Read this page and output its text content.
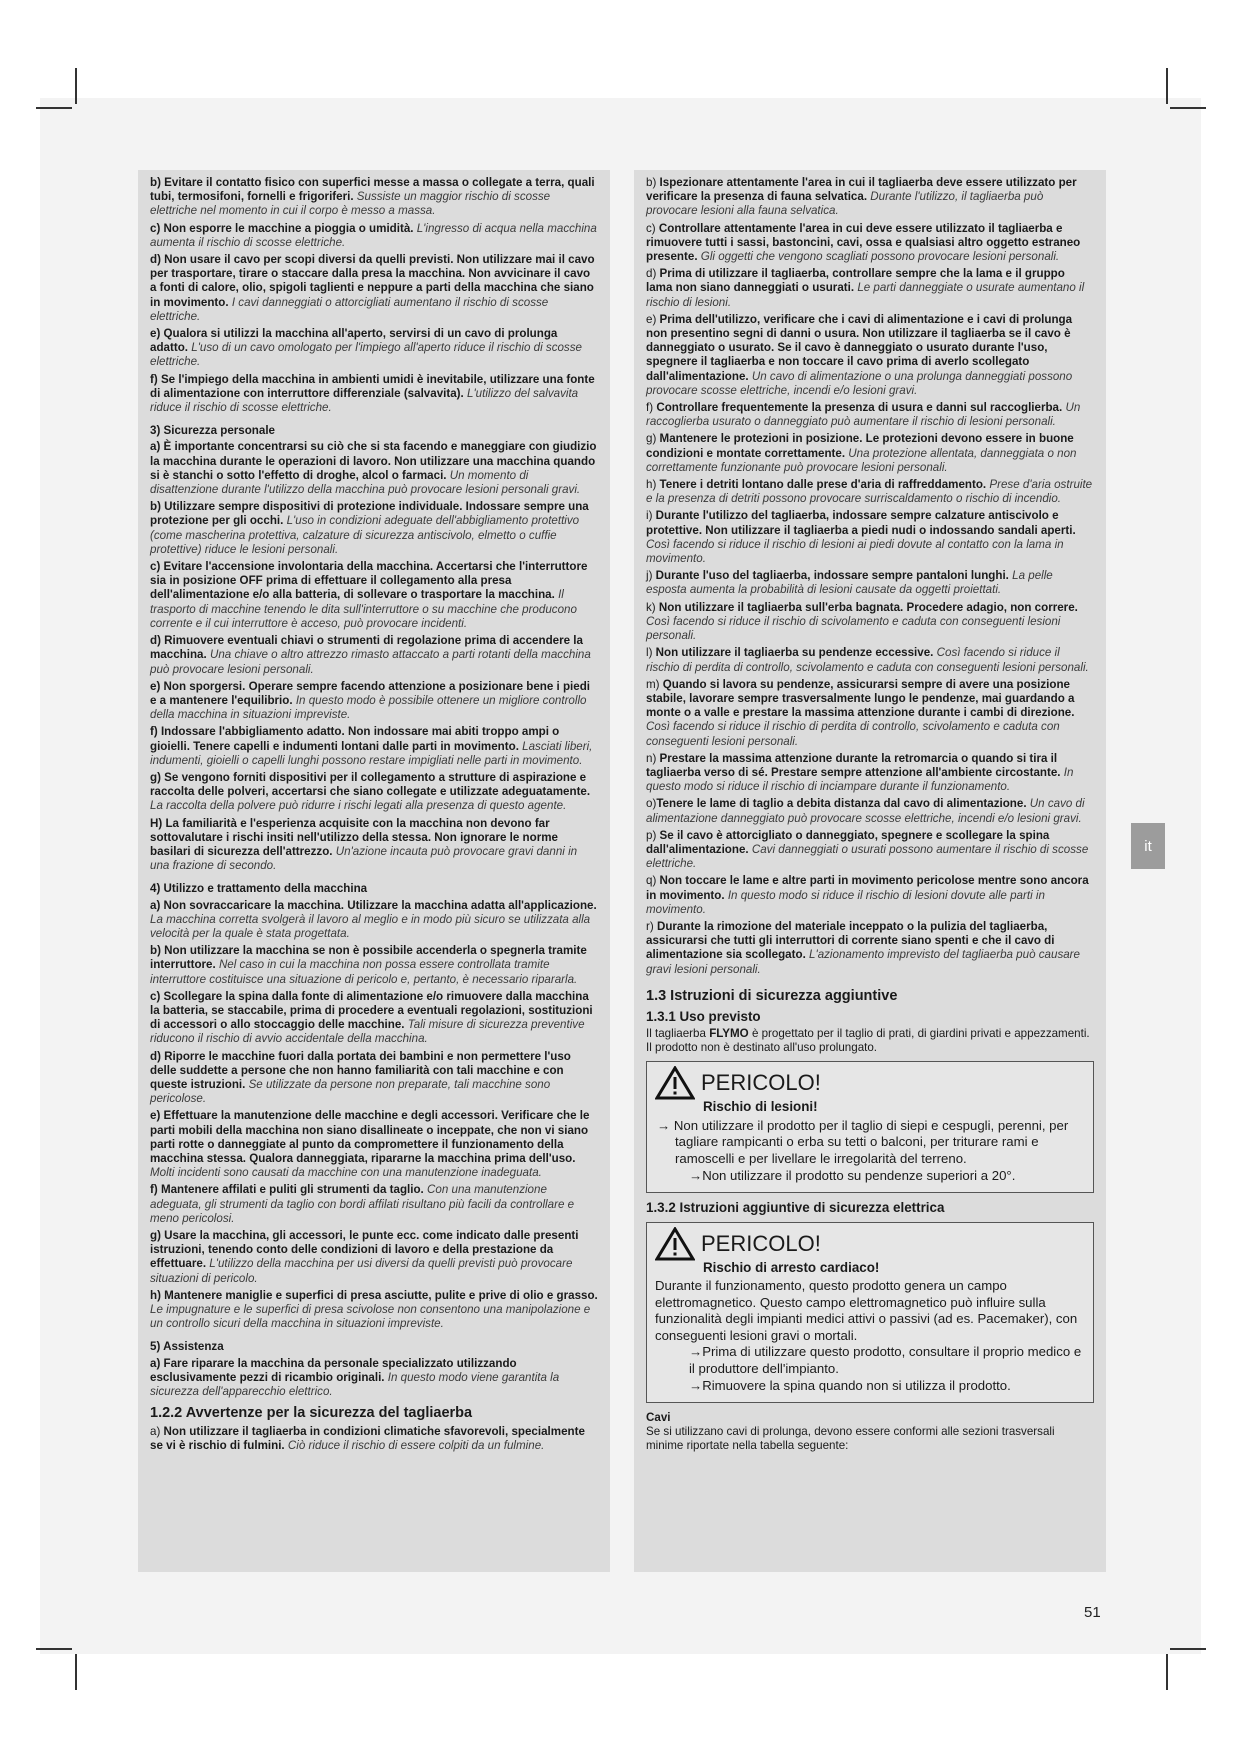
b) Evitare il contatto fisico con superfici messe a massa o collegate a terra, quali tubi, termosifoni, fornelli e frigoriferi. Sussiste un maggior rischio di scosse elettriche nel momento in cui il corpo è messo a massa.
c) Non esporre le macchine a pioggia o umidità. L'ingresso di acqua nella macchina aumenta il rischio di scosse elettriche.
d) Non usare il cavo per scopi diversi da quelli previsti. Non utilizzare mai il cavo per trasportare, tirare o staccare dalla presa la macchina. Non avvicinare il cavo a fonti di calore, olio, spigoli taglienti e neppure a parti della macchina che siano in movimento. I cavi danneggiati o attorcigliati aumentano il rischio di scosse elettriche.
e) Qualora si utilizzi la macchina all'aperto, servirsi di un cavo di prolunga adatto. L'uso di un cavo omologato per l'impiego all'aperto riduce il rischio di scosse elettriche.
f) Se l'impiego della macchina in ambienti umidi è inevitabile, utilizzare una fonte di alimentazione con interruttore differenziale (salvavita). L'utilizzo del salvavita riduce il rischio di scosse elettriche.
3) Sicurezza personale
a) È importante concentrarsi su ciò che si sta facendo e maneggiare con giudizio la macchina durante le operazioni di lavoro. Non utilizzare una macchina quando si è stanchi o sotto l'effetto di droghe, alcol o farmaci. Un momento di disattenzione durante l'utilizzo della macchina può provocare lesioni personali gravi.
b) Utilizzare sempre dispositivi di protezione individuale. Indossare sempre una protezione per gli occhi. L'uso in condizioni adeguate dell'abbigliamento protettivo (come mascherina protettiva, calzature di sicurezza antiscivolo, elmetto o cuffie protettive) riduce le lesioni personali.
c) Evitare l'accensione involontaria della macchina. Accertarsi che l'interruttore sia in posizione OFF prima di effettuare il collegamento alla presa dell'alimentazione e/o alla batteria, di sollevare o trasportare la macchina. Il trasporto di macchine tenendo le dita sull'interruttore o su macchine che producono corrente e il cui interruttore è acceso, può provocare incidenti.
d) Rimuovere eventuali chiavi o strumenti di regolazione prima di accendere la macchina. Una chiave o altro attrezzo rimasto attaccato a parti rotanti della macchina può provocare lesioni personali.
e) Non sporgersi. Operare sempre facendo attenzione a posizionare bene i piedi e a mantenere l'equilibrio. In questo modo è possibile ottenere un migliore controllo della macchina in situazioni impreviste.
f) Indossare l'abbigliamento adatto. Non indossare mai abiti troppo ampi o gioielli. Tenere capelli e indumenti lontani dalle parti in movimento. Lasciati liberi, indumenti, gioielli o capelli lunghi possono restare impigliati nelle parti in movimento.
g) Se vengono forniti dispositivi per il collegamento a strutture di aspirazione e raccolta delle polveri, accertarsi che siano collegate e utilizzate adeguatamente. La raccolta della polvere può ridurre i rischi legati alla presenza di questo agente.
H) La familiarità e l'esperienza acquisite con la macchina non devono far sottovalutare i rischi insiti nell'utilizzo della stessa. Non ignorare le norme basilari di sicurezza dell'attrezzo. Un'azione incauta può provocare gravi danni in una frazione di secondo.
4) Utilizzo e trattamento della macchina
a) Non sovraccaricare la macchina. Utilizzare la macchina adatta all'applicazione. La macchina corretta svolgerà il lavoro al meglio e in modo più sicuro se utilizzata alla velocità per la quale è stata progettata.
b) Non utilizzare la macchina se non è possibile accenderla o spegnerla tramite interruttore. Nel caso in cui la macchina non possa essere controllata tramite interruttore costituisce una situazione di pericolo e, pertanto, è necessario ripararla.
c) Scollegare la spina dalla fonte di alimentazione e/o rimuovere dalla macchina la batteria, se staccabile, prima di procedere a eventuali regolazioni, sostituzioni di accessori o allo stoccaggio delle macchine. Tali misure di sicurezza preventive riducono il rischio di avvio accidentale della macchina.
d) Riporre le macchine fuori dalla portata dei bambini e non permettere l'uso delle suddette a persone che non hanno familiarità con tali macchine e con queste istruzioni. Se utilizzate da persone non preparate, tali macchine sono pericolose.
e) Effettuare la manutenzione delle macchine e degli accessori. Verificare che le parti mobili della macchina non siano disallineate o inceppate, che non vi siano parti rotte o danneggiate al punto da compromettere il funzionamento della macchina stessa. Qualora danneggiata, ripararne la macchina prima dell'uso. Molti incidenti sono causati da macchine con una manutenzione inadeguata.
f) Mantenere affilati e puliti gli strumenti da taglio. Con una manutenzione adeguata, gli strumenti da taglio con bordi affilati risultano più facili da controllare e meno pericolosi.
g) Usare la macchina, gli accessori, le punte ecc. come indicato dalle presenti istruzioni, tenendo conto delle condizioni di lavoro e della prestazione da effettuare. L'utilizzo della macchina per usi diversi da quelli previsti può provocare situazioni di pericolo.
h) Mantenere maniglie e superfici di presa asciutte, pulite e prive di olio e grasso. Le impugnature e le superfici di presa scivolose non consentono una manipolazione e un controllo sicuri della macchina in situazioni impreviste.
5) Assistenza
a) Fare riparare la macchina da personale specializzato utilizzando esclusivamente pezzi di ricambio originali. In questo modo viene garantita la sicurezza dell'apparecchio elettrico.
1.2.2 Avvertenze per la sicurezza del tagliaerba
a) Non utilizzare il tagliaerba in condizioni climatiche sfavorevoli, specialmente se vi è rischio di fulmini. Ciò riduce il rischio di essere colpiti da un fulmine.
b) Ispezionare attentamente l'area in cui il tagliaerba deve essere utilizzato per verificare la presenza di fauna selvatica. Durante l'utilizzo, il tagliaerba può provocare lesioni alla fauna selvatica.
c) Controllare attentamente l'area in cui deve essere utilizzato il tagliaerba e rimuovere tutti i sassi, bastoncini, cavi, ossa e qualsiasi altro oggetto estraneo presente. Gli oggetti che vengono scagliati possono provocare lesioni personali.
d) Prima di utilizzare il tagliaerba, controllare sempre che la lama e il gruppo lama non siano danneggiati o usurati. Le parti danneggiate o usurate aumentano il rischio di lesioni.
e) Prima dell'utilizzo, verificare che i cavi di alimentazione e i cavi di prolunga non presentino segni di danni o usura. Non utilizzare il tagliaerba se il cavo è danneggiato o usurato. Se il cavo è danneggiato o usurato durante l'uso, spegnere il tagliaerba e non toccare il cavo prima di averlo scollegato dall'alimentazione. Un cavo di alimentazione o una prolunga danneggiati possono provocare scosse elettriche, incendi e/o lesioni gravi.
f) Controllare frequentemente la presenza di usura e danni sul raccoglierba. Un raccoglierba usurato o danneggiato può aumentare il rischio di lesioni personali.
g) Mantenere le protezioni in posizione. Le protezioni devono essere in buone condizioni e montate correttamente. Una protezione allentata, danneggiata o non correttamente funzionante può provocare lesioni personali.
h) Tenere i detriti lontano dalle prese d'aria di raffreddamento. Prese d'aria ostruite e la presenza di detriti possono provocare surriscaldamento o rischio di incendio.
i) Durante l'utilizzo del tagliaerba, indossare sempre calzature antiscivolo e protettive. Non utilizzare il tagliaerba a piedi nudi o indossando sandali aperti. Così facendo si riduce il rischio di lesioni ai piedi dovute al contatto con la lama in movimento.
j) Durante l'uso del tagliaerba, indossare sempre pantaloni lunghi. La pelle esposta aumenta la probabilità di lesioni causate da oggetti proiettati.
k) Non utilizzare il tagliaerba sull'erba bagnata. Procedere adagio, non correre. Così facendo si riduce il rischio di scivolamento e caduta con conseguenti lesioni personali.
l) Non utilizzare il tagliaerba su pendenze eccessive. Così facendo si riduce il rischio di perdita di controllo, scivolamento e caduta con conseguenti lesioni personali.
m) Quando si lavora su pendenze, assicurarsi sempre di avere una posizione stabile, lavorare sempre trasversalmente lungo le pendenze, mai guardando a monte o a valle e prestare la massima attenzione durante i cambi di direzione. Così facendo si riduce il rischio di perdita di controllo, scivolamento e caduta con conseguenti lesioni personali.
n) Prestare la massima attenzione durante la retromarcia o quando si tira il tagliaerba verso di sé. Prestare sempre attenzione all'ambiente circostante. In questo modo si riduce il rischio di inciampare durante il funzionamento.
o)Tenere le lame di taglio a debita distanza dal cavo di alimentazione. Un cavo di alimentazione danneggiato può provocare scosse elettriche, incendi e/o lesioni gravi.
p) Se il cavo è attorcigliato o danneggiato, spegnere e scollegare la spina dall'alimentazione. Cavi danneggiati o usurati possono aumentare il rischio di scosse elettriche.
q) Non toccare le lame e altre parti in movimento pericolose mentre sono ancora in movimento. In questo modo si riduce il rischio di lesioni dovute alle parti in movimento.
r) Durante la rimozione del materiale inceppato o la pulizia del tagliaerba, assicurarsi che tutti gli interruttori di corrente siano spenti e che il cavo di alimentazione sia scollegato. L'azionamento imprevisto del tagliaerba può causare gravi lesioni personali.
1.3 Istruzioni di sicurezza aggiuntive
1.3.1 Uso previsto
Il tagliaerba FLYMO è progettato per il taglio di prati, di giardini privati e appezzamenti. Il prodotto non è destinato all'uso prolungato.
PERICOLO!
Rischio di lesioni!
→ Non utilizzare il prodotto per il taglio di siepi e cespugli, perenni, per tagliare rampicanti o erba su tetti o balconi, per triturare rami e ramoscelli e per livellare le irregolarità del terreno.
→Non utilizzare il prodotto su pendenze superiori a 20°.
1.3.2 Istruzioni aggiuntive di sicurezza elettrica
PERICOLO!
Rischio di arresto cardiaco!
Durante il funzionamento, questo prodotto genera un campo elettromagnetico. Questo campo elettromagnetico può influire sulla funzionalità degli impianti medici attivi o passivi (ad es. Pacemaker), con conseguenti lesioni gravi o mortali.
→Prima di utilizzare questo prodotto, consultare il proprio medico e il produttore dell'impianto.
→Rimuovere la spina quando non si utilizza il prodotto.
Cavi
Se si utilizzano cavi di prolunga, devono essere conformi alle sezioni trasversali minime riportate nella tabella seguente:
it
51
